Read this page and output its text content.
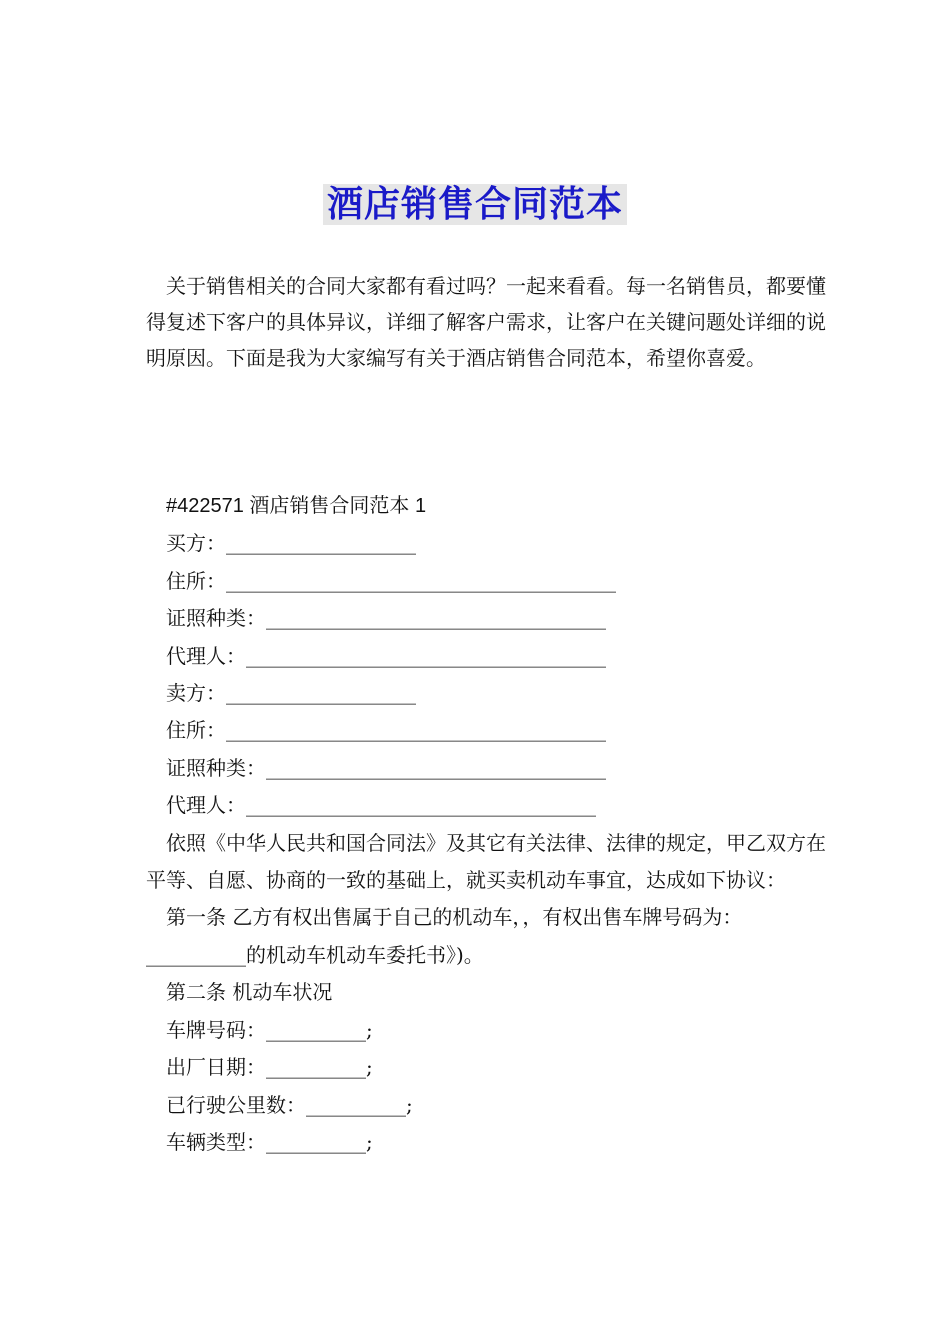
酒店销售合同范本
关于销售相关的合同大家都有看过吗？一起来看看。每一名销售员，都要懂得复述下客户的具体异议，详细了解客户需求，让客户在关键问题处详细的说明原因。下面是我为大家编写有关于酒店销售合同范本，希望你喜爱。
#422571 酒店销售合同范本 1
买方：___________________
住所：_______________________________________
证照种类：__________________________________
代理人：____________________________________
卖方：___________________
住所：______________________________________
证照种类：__________________________________
代理人：___________________________________
依照《中华人民共和国合同法》及其它有关法律、法律的规定，甲乙双方在平等、自愿、协商的一致的基础上，就买卖机动车事宜，达成如下协议：
第一条 乙方有权出售属于自己的机动车，，有权出售车牌号码为：__________的机动车机动车委托书》)。
第二条 机动车状况
车牌号码：__________;
出厂日期：__________;
已行驶公里数：__________;
车辆类型：__________;
